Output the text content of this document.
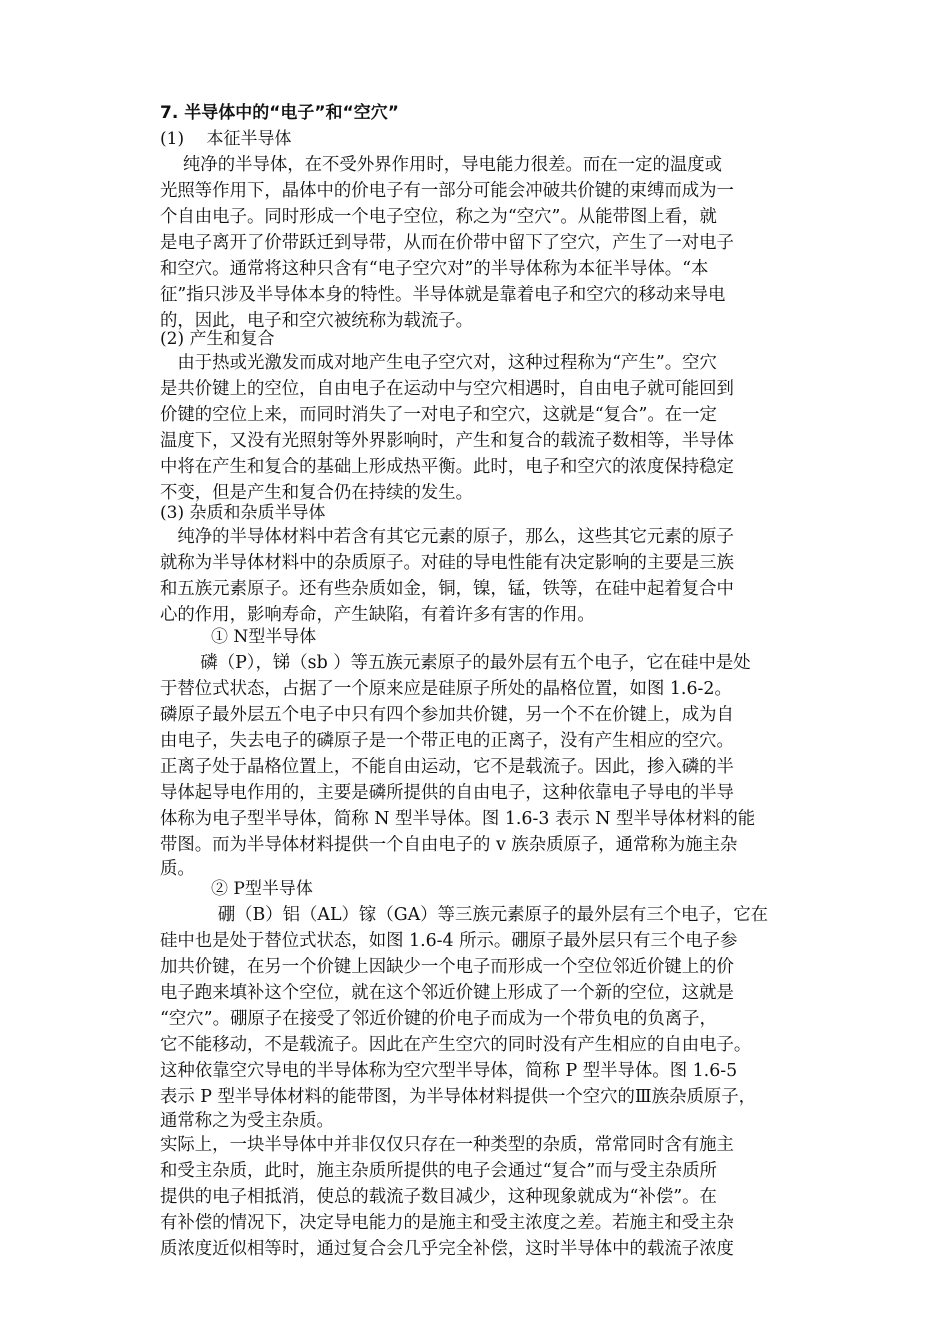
7. 半导体中的“电子”和“空穴”
(1)　 本征半导体
　 纯净的半导体，在不受外界作用时，导电能力很差。而在一定的温度或
光照等作用下，晶体中的价电子有一部分可能会冲破共价键的束缚而成为一
个自由电子。同时形成一个电子空位，称之为“空穴”。从能带图上看，就
是电子离开了价带跃迁到导带，从而在价带中留下了空穴，产生了一对电子
和空穴。通常将这种只含有“电子空穴对”的半导体称为本征半导体。“本
征”指只涉及半导体本身的特性。半导体就是靠着电子和空穴的移动来导电
的，因此，电子和空穴被统称为载流子。
(2) 产生和复合
　由于热或光激发而成对地产生电子空穴对，这种过程称为“产生”。空穴
是共价键上的空位，自由电子在运动中与空穴相遇时，自由电子就可能回到
价键的空位上来，而同时消失了一对电子和空穴，这就是“复合”。在一定
温度下，又没有光照射等外界影响时，产生和复合的载流子数相等，半导体
中将在产生和复合的基础上形成热平衡。此时，电子和空穴的浓度保持稳定
不变，但是产生和复合仍在持续的发生。
(3) 杂质和杂质半导体
　纯净的半导体材料中若含有其它元素的原子，那么，这些其它元素的原子
就称为半导体材料中的杂质原子。对硅的导电性能有决定影响的主要是三族
和五族元素原子。还有些杂质如金，铜，镍，锰，铁等，在硅中起着复合中
心的作用，影响寿命，产生缺陷，有着许多有害的作用。
　　　① N型半导体
　　 磷（P），锑（sb ）等五族元素原子的最外层有五个电子，它在硅中是处
于替位式状态，占据了一个原来应是硅原子所处的晶格位置，如图 1.6-2。
磷原子最外层五个电子中只有四个参加共价键，另一个不在价键上，成为自
由电子，失去电子的磷原子是一个带正电的正离子，没有产生相应的空穴。
正离子处于晶格位置上，不能自由运动，它不是载流子。因此，掺入磷的半
导体起导电作用的，主要是磷所提供的自由电子，这种依靠电子导电的半导
体称为电子型半导体，简称 N 型半导体。图 1.6-3 表示 N 型半导体材料的能
带图。而为半导体材料提供一个自由电子的 v 族杂质原子，通常称为施主杂
质。
　　　② P型半导体
　　　 硼（B）铝（AL）镓（GA）等三族元素原子的最外层有三个电子，它在
硅中也是处于替位式状态，如图 1.6-4 所示。硼原子最外层只有三个电子参
加共价键，在另一个价键上因缺少一个电子而形成一个空位邻近价键上的价
电子跑来填补这个空位，就在这个邻近价键上形成了一个新的空位，这就是
“空穴”。硼原子在接受了邻近价键的价电子而成为一个带负电的负离子，
它不能移动，不是载流子。因此在产生空穴的同时没有产生相应的自由电子。
这种依靠空穴导电的半导体称为空穴型半导体，简称 P 型半导体。图 1.6-5
表示 P 型半导体材料的能带图，为半导体材料提供一个空穴的Ⅲ族杂质原子，
通常称之为受主杂质。
实际上，一块半导体中并非仅仅只存在一种类型的杂质，常常同时含有施主
和受主杂质，此时，施主杂质所提供的电子会通过“复合”而与受主杂质所
提供的电子相抵消，使总的载流子数目减少，这种现象就成为“补偿”。在
有补偿的情况下，决定导电能力的是施主和受主浓度之差。若施主和受主杂
质浓度近似相等时，通过复合会几乎完全补偿，这时半导体中的载流子浓度
